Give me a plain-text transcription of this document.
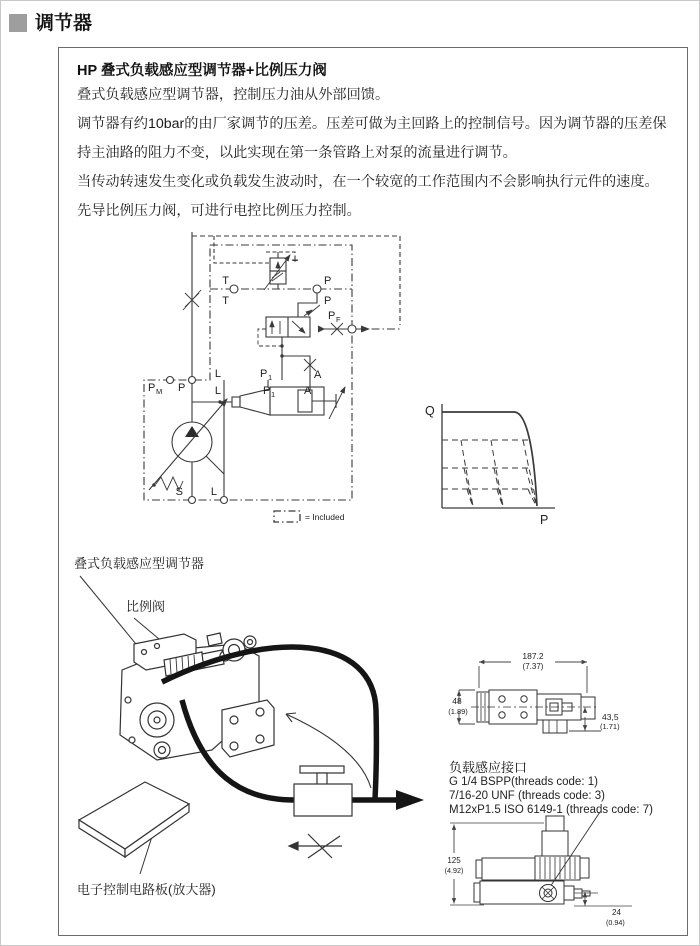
调节器
HP 叠式负载感应型调节器+比例压力阀

叠式负载感应型调节器，控制压力油从外部回馈。

调节器有约10bar的由厂家调节的压差。压差可做为主回路上的控制信号。因为调节器的压差保持主油路的阻力不变，以此实现在第一条管路上对泵的流量进行调节。

当传动转速发生变化或负载发生波动时，在一个较宽的工作范围内不会影响执行元件的速度。

先导比例压力阀，可进行电控比例压力控制。

T
T
P
P
P F
L
L
P 1
P 1
A
A
P M P
S	L
= Included
Q
P
叠式负载感应型调节器
比例阀
电子控制电路板(放大器)
187.2
(7.37)
48
(1.89)
43,5
(1.71)
负载感应接口
G 1/4 BSPP(threads code: 1)
7/16-20 UNF (threads code: 3)
M12xP1.5 ISO 6149-1 (threads code: 7)
125
(4.92)
24
(0.94)
